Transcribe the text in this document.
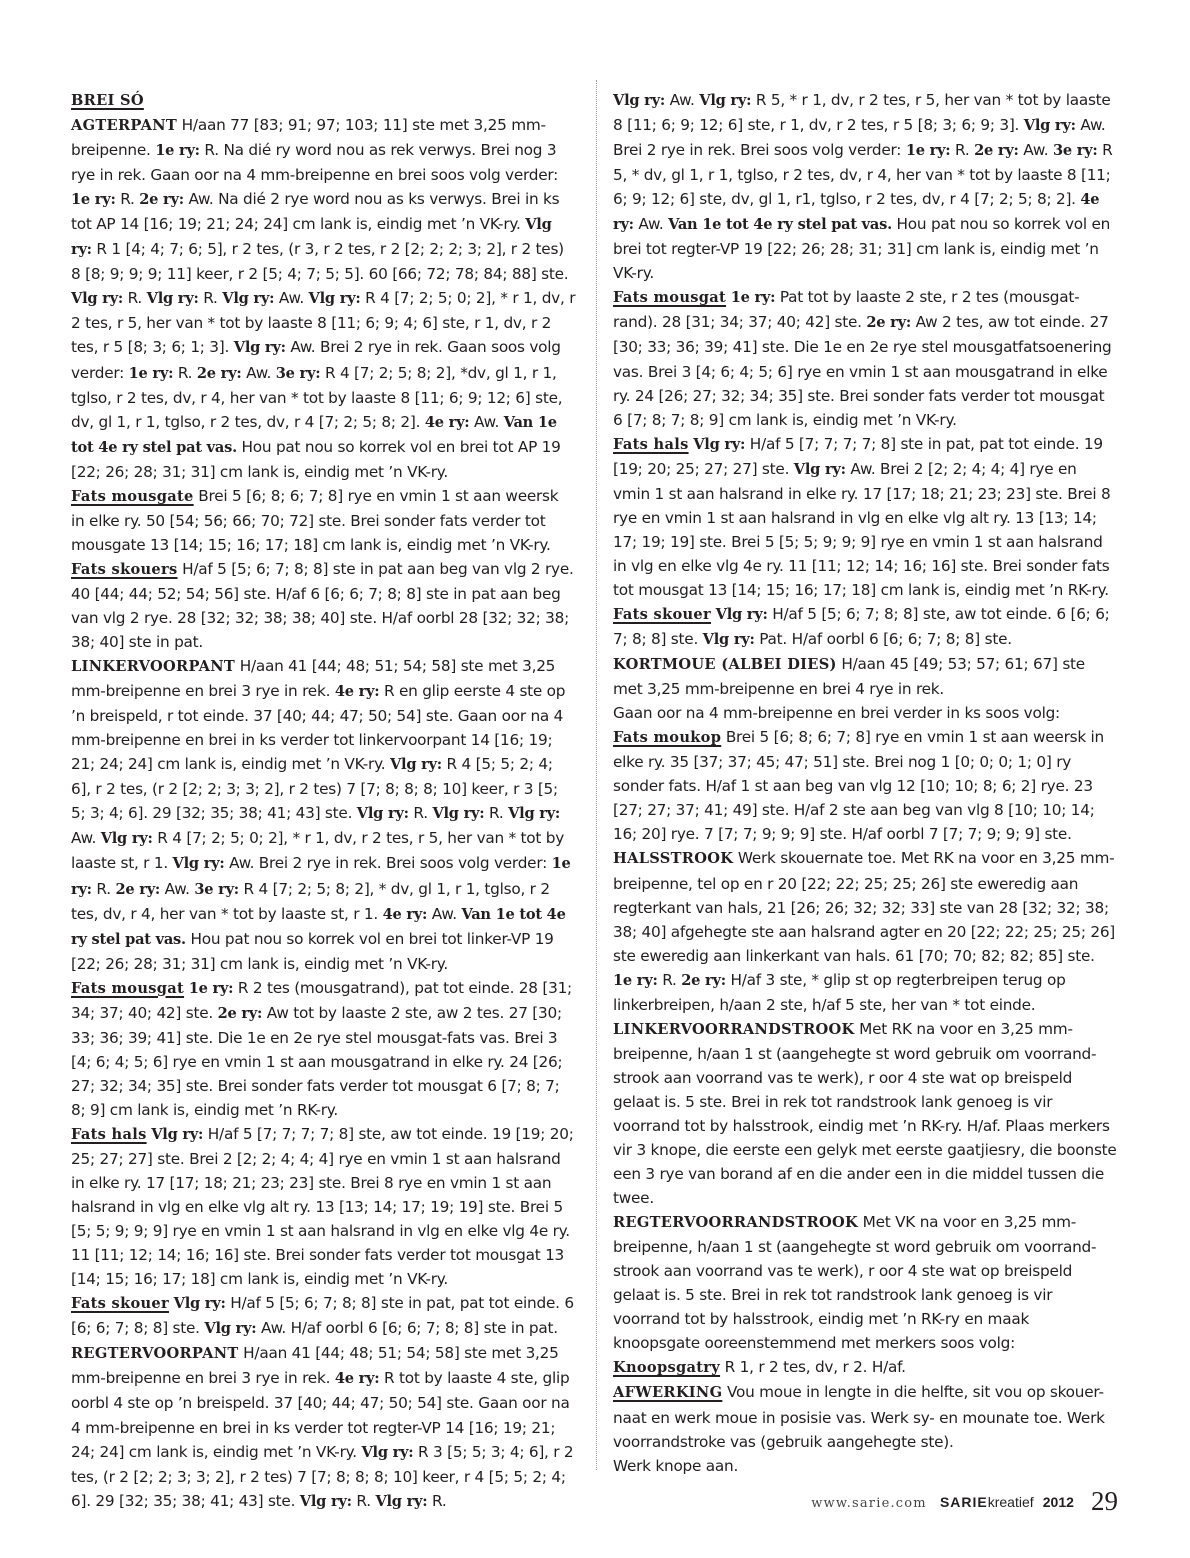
BREI SÓ

AGTERPANT H/aan 77 [83; 91; 97; 103; 11] ste met 3,25 mm-breipenne. 1e ry: R. Na dié ry word nou as rek verwys. Brei nog 3 rye in rek. Gaan oor na 4 mm-breipenne en brei soos volg verder: 1e ry: R. 2e ry: Aw. Na dié 2 rye word nou as ks verwys. Brei in ks tot AP 14 [16; 19; 21; 24; 24] cm lank is, eindig met ’n VK-ry. Vlg ry: R 1 [4; 4; 7; 6; 5], r 2 tes, (r 3, r 2 tes, r 2 [2; 2; 2; 3; 2], r 2 tes) 8 [8; 9; 9; 9; 11] keer, r 2 [5; 4; 7; 5; 5]. 60 [66; 72; 78; 84; 88] ste. Vlg ry: R. Vlg ry: R. Vlg ry: Aw. Vlg ry: R 4 [7; 2; 5; 0; 2], * r 1, dv, r 2 tes, r 5, her van * tot by laaste 8 [11; 6; 9; 4; 6] ste, r 1, dv, r 2 tes, r 5 [8; 3; 6; 1; 3]. Vlg ry: Aw. Brei 2 rye in rek. Gaan soos volg verder: 1e ry: R. 2e ry: Aw. 3e ry: R 4 [7; 2; 5; 8; 2], *dv, gl 1, r 1, tglso, r 2 tes, dv, r 4, her van * tot by laaste 8 [11; 6; 9; 12; 6] ste, dv, gl 1, r 1, tglso, r 2 tes, dv, r 4 [7; 2; 5; 8; 2]. 4e ry: Aw. Van 1e tot 4e ry stel pat vas. Hou pat nou so korrek vol en brei tot AP 19 [22; 26; 28; 31; 31] cm lank is, eindig met ’n VK-ry.

Fats mousgate Brei 5 [6; 8; 6; 7; 8] rye en vmin 1 st aan weersk in elke ry. 50 [54; 56; 66; 70; 72] ste. Brei sonder fats verder tot mousgate 13 [14; 15; 16; 17; 18] cm lank is, eindig met ’n VK-ry.

Fats skouers H/af 5 [5; 6; 7; 8; 8] ste in pat aan beg van vlg 2 rye. 40 [44; 44; 52; 54; 56] ste. H/af 6 [6; 6; 7; 8; 8] ste in pat aan beg van vlg 2 rye. 28 [32; 32; 38; 38; 40] ste. H/af oorbl 28 [32; 32; 38; 38; 40] ste in pat.

LINKERVOORPANT H/aan 41 [44; 48; 51; 54; 58] ste met 3,25 mm-breipenne en brei 3 rye in rek. 4e ry: R en glip eerste 4 ste op ’n breispeld, r tot einde. 37 [40; 44; 47; 50; 54] ste. Gaan oor na 4 mm-breipenne en brei in ks verder tot linkervoorpant 14 [16; 19; 21; 24; 24] cm lank is, eindig met ’n VK-ry. Vlg ry: R 4 [5; 5; 2; 4; 6], r 2 tes, (r 2 [2; 2; 3; 3; 2], r 2 tes) 7 [7; 8; 8; 8; 10] keer, r 3 [5; 5; 3; 4; 6]. 29 [32; 35; 38; 41; 43] ste. Vlg ry: R. Vlg ry: R. Vlg ry: Aw. Vlg ry: R 4 [7; 2; 5; 0; 2], * r 1, dv, r 2 tes, r 5, her van * tot by laaste st, r 1. Vlg ry: Aw. Brei 2 rye in rek. Brei soos volg verder: 1e ry: R. 2e ry: Aw. 3e ry: R 4 [7; 2; 5; 8; 2], * dv, gl 1, r 1, tglso, r 2 tes, dv, r 4, her van * tot by laaste st, r 1. 4e ry: Aw. Van 1e tot 4e ry stel pat vas. Hou pat nou so korrek vol en brei tot linker-VP 19 [22; 26; 28; 31; 31] cm lank is, eindig met ’n VK-ry.

Fats mousgat 1e ry: R 2 tes (mousgatrand), pat tot einde. 28 [31; 34; 37; 40; 42] ste. 2e ry: Aw tot by laaste 2 ste, aw 2 tes. 27 [30; 33; 36; 39; 41] ste. Die 1e en 2e rye stel mousgat-fats vas. Brei 3 [4; 6; 4; 5; 6] rye en vmin 1 st aan mousgatrand in elke ry. 24 [26; 27; 32; 34; 35] ste. Brei sonder fats verder tot mousgat 6 [7; 8; 7; 8; 9] cm lank is, eindig met ’n RK-ry.

Fats hals Vlg ry: H/af 5 [7; 7; 7; 7; 8] ste, aw tot einde. 19 [19; 20; 25; 27; 27] ste. Brei 2 [2; 2; 4; 4; 4] rye en vmin 1 st aan halsrand in elke ry. 17 [17; 18; 21; 23; 23] ste. Brei 8 rye en vmin 1 st aan halsrand in vlg en elke vlg alt ry. 13 [13; 14; 17; 19; 19] ste. Brei 5 [5; 5; 9; 9; 9] rye en vmin 1 st aan halsrand in vlg en elke vlg 4e ry. 11 [11; 12; 14; 16; 16] ste. Brei sonder fats verder tot mousgat 13 [14; 15; 16; 17; 18] cm lank is, eindig met ’n VK-ry.

Fats skouer Vlg ry: H/af 5 [5; 6; 7; 8; 8] ste in pat, pat tot einde. 6 [6; 6; 7; 8; 8] ste. Vlg ry: Aw. H/af oorbl 6 [6; 6; 7; 8; 8] ste in pat.

REGTERVOORPANT H/aan 41 [44; 48; 51; 54; 58] ste met 3,25 mm-breipenne en brei 3 rye in rek. 4e ry: R tot by laaste 4 ste, glip oorbl 4 ste op ’n breispeld. 37 [40; 44; 47; 50; 54] ste. Gaan oor na 4 mm-breipenne en brei in ks verder tot regter-VP 14 [16; 19; 21; 24; 24] cm lank is, eindig met ’n VK-ry. Vlg ry: R 3 [5; 5; 3; 4; 6], r 2 tes, (r 2 [2; 2; 3; 3; 2], r 2 tes) 7 [7; 8; 8; 8; 10] keer, r 4 [5; 5; 2; 4; 6]. 29 [32; 35; 38; 41; 43] ste. Vlg ry: R. Vlg ry: R.

Vlg ry: Aw. Vlg ry: R 5, * r 1, dv, r 2 tes, r 5, her van * tot by laaste 8 [11; 6; 9; 12; 6] ste, r 1, dv, r 2 tes, r 5 [8; 3; 6; 9; 3]. Vlg ry: Aw. Brei 2 rye in rek. Brei soos volg verder: 1e ry: R. 2e ry: Aw. 3e ry: R 5, * dv, gl 1, r 1, tglso, r 2 tes, dv, r 4, her van * tot by laaste 8 [11; 6; 9; 12; 6] ste, dv, gl 1, r1, tglso, r 2 tes, dv, r 4 [7; 2; 5; 8; 2]. 4e ry: Aw. Van 1e tot 4e ry stel pat vas. Hou pat nou so korrek vol en brei tot regter-VP 19 [22; 26; 28; 31; 31] cm lank is, eindig met ’n VK-ry.

Fats mousgat 1e ry: Pat tot by laaste 2 ste, r 2 tes (mousgat-rand). 28 [31; 34; 37; 40; 42] ste. 2e ry: Aw 2 tes, aw tot einde. 27 [30; 33; 36; 39; 41] ste. Die 1e en 2e rye stel mousgatfatsoenering vas. Brei 3 [4; 6; 4; 5; 6] rye en vmin 1 st aan mousgatrand in elke ry. 24 [26; 27; 32; 34; 35] ste. Brei sonder fats verder tot mousgat 6 [7; 8; 7; 8; 9] cm lank is, eindig met ’n VK-ry.

Fats hals Vlg ry: H/af 5 [7; 7; 7; 7; 8] ste in pat, pat tot einde. 19 [19; 20; 25; 27; 27] ste. Vlg ry: Aw. Brei 2 [2; 2; 4; 4; 4] rye en vmin 1 st aan halsrand in elke ry. 17 [17; 18; 21; 23; 23] ste. Brei 8 rye en vmin 1 st aan halsrand in vlg en elke vlg alt ry. 13 [13; 14; 17; 19; 19] ste. Brei 5 [5; 5; 9; 9; 9] rye en vmin 1 st aan halsrand in vlg en elke vlg 4e ry. 11 [11; 12; 14; 16; 16] ste. Brei sonder fats tot mousgat 13 [14; 15; 16; 17; 18] cm lank is, eindig met ’n RK-ry.

Fats skouer Vlg ry: H/af 5 [5; 6; 7; 8; 8] ste, aw tot einde. 6 [6; 6; 7; 8; 8] ste. Vlg ry: Pat. H/af oorbl 6 [6; 6; 7; 8; 8] ste.

KORTMOUE (ALBEI DIES) H/aan 45 [49; 53; 57; 61; 67] ste met 3,25 mm-breipenne en brei 4 rye in rek.

Gaan oor na 4 mm-breipenne en brei verder in ks soos volg:

Fats moukop Brei 5 [6; 8; 6; 7; 8] rye en vmin 1 st aan weersk in elke ry. 35 [37; 37; 45; 47; 51] ste. Brei nog 1 [0; 0; 0; 1; 0] ry sonder fats. H/af 1 st aan beg van vlg 12 [10; 10; 8; 6; 2] rye. 23 [27; 27; 37; 41; 49] ste. H/af 2 ste aan beg van vlg 8 [10; 10; 14; 16; 20] rye. 7 [7; 7; 9; 9; 9] ste. H/af oorbl 7 [7; 7; 9; 9; 9] ste.

HALSSTROOK Werk skouernate toe. Met RK na voor en 3,25 mm-breipenne, tel op en r 20 [22; 22; 25; 25; 26] ste eweredig aan regterkant van hals, 21 [26; 26; 32; 32; 33] ste van 28 [32; 32; 38; 38; 40] afgehegte ste aan halsrand agter en 20 [22; 22; 25; 25; 26] ste eweredig aan linkerkant van hals. 61 [70; 70; 82; 82; 85] ste. 1e ry: R. 2e ry: H/af 3 ste, * glip st op regterbreipen terug op linkerbreipen, h/aan 2 ste, h/af 5 ste, her van * tot einde.

LINKERVOORRANDSTROOK Met RK na voor en 3,25 mm-breipenne, h/aan 1 st (aangehegte st word gebruik om voorrand-strook aan voorrand vas te werk), r oor 4 ste wat op breispeld gelaat is. 5 ste. Brei in rek tot randstrook lank genoeg is vir voorrand tot by halsstrook, eindig met ’n RK-ry. H/af. Plaas merkers vir 3 knope, die eerste een gelyk met eerste gaatjiesry, die boonste een 3 rye van borand af en die ander een in die middel tussen die twee.

REGTERVOORRANDSTROOK Met VK na voor en 3,25 mm-breipenne, h/aan 1 st (aangehegte st word gebruik om voorrand-strook aan voorrand vas te werk), r oor 4 ste wat op breispeld gelaat is. 5 ste. Brei in rek tot randstrook lank genoeg is vir voorrand tot by halsstrook, eindig met ’n RK-ry en maak knoopsgate ooreenstemmend met merkers soos volg:

Knoopsgatry R 1, r 2 tes, dv, r 2. H/af.

AFWERKING Vou moue in lengte in die helfte, sit vou op skouer-naat en werk moue in posisie vas. Werk sy- en mounate toe. Werk voorrandstroke vas (gebruik aangehegte ste).

Werk knope aan.

www.sarie.com SARIEkreatief 2012 29
